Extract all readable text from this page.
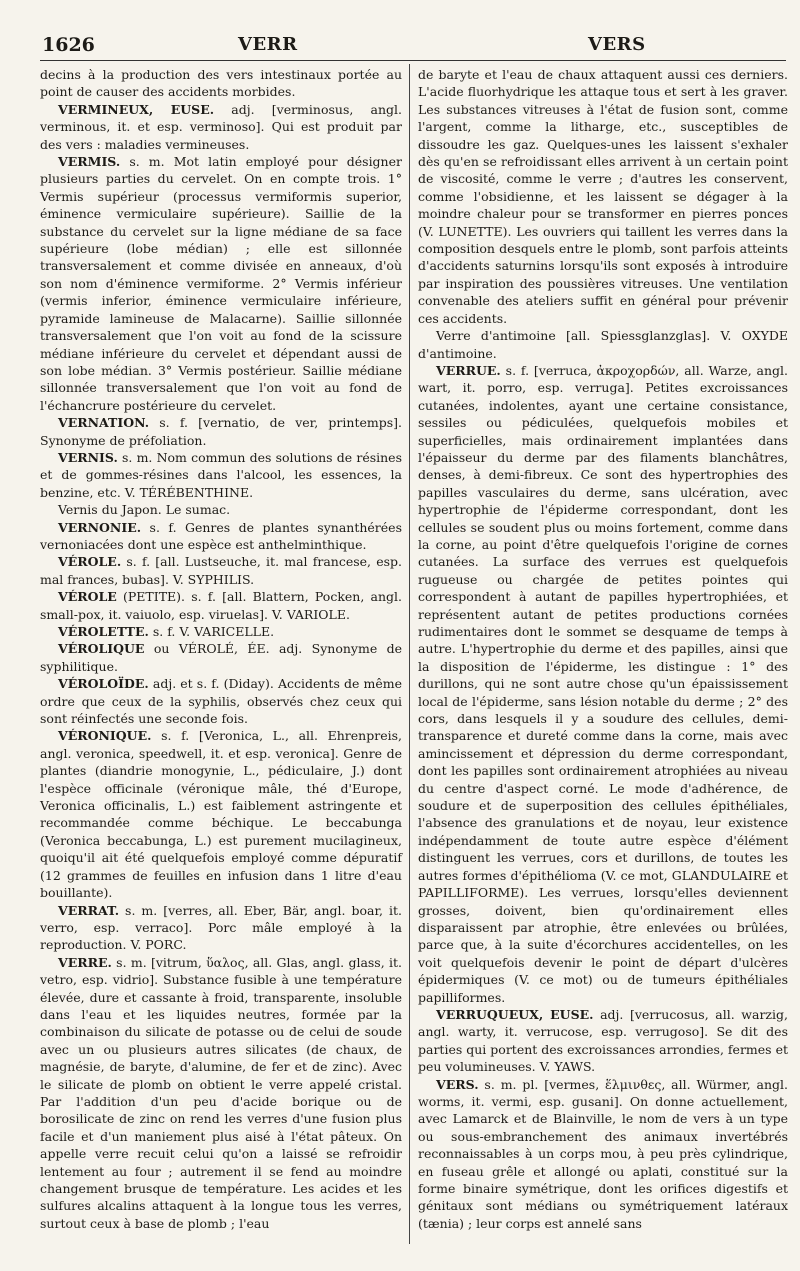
1626	VERR	VERS

decins à la production des vers intestinaux portée au point de causer des accidents morbides.

VERMINEUX, EUSE. adj. [verminosus, angl. verminous, it. et esp. verminoso]. Qui est produit par des vers : maladies vermineuses.

VERMIS. s. m. Mot latin employé pour désigner plusieurs parties du cervelet. On en compte trois. 1° Vermis supérieur (processus vermiformis superior, éminence vermiculaire supérieure). Saillie de la substance du cervelet sur la ligne médiane de sa face supérieure (lobe médian) ; elle est sillonnée transversalement et comme divisée en anneaux, d'où son nom d'éminence vermiforme. 2° Vermis inférieur (vermis inferior, éminence vermiculaire inférieure, pyramide lamineuse de Malacarne). Saillie sillonnée transversalement que l'on voit au fond de la scissure médiane inférieure du cervelet et dépendant aussi de son lobe médian. 3° Vermis postérieur. Saillie médiane sillonnée transversalement que l'on voit au fond de l'échancrure postérieure du cervelet.

VERNATION. s. f. [vernatio, de ver, printemps]. Synonyme de préfoliation.

VERNIS. s. m. Nom commun des solutions de résines et de gommes-résines dans l'alcool, les essences, la benzine, etc. V. TÉRÉBENTHINE.

Vernis du Japon. Le sumac.

VERNONIE. s. f. Genres de plantes synanthérées vernoniacées dont une espèce est anthelminthique.

VÉROLE. s. f. [all. Lustseuche, it. mal francese, esp. mal frances, bubas]. V. SYPHILIS.

VÉROLE (PETITE). s. f. [all. Blattern, Pocken, angl. small-pox, it. vaiuolo, esp. viruelas]. V. VARIOLE.

VÉROLETTE. s. f. V. VARICELLE.

VÉROLIQUE ou VÉROLÉ, ÉE. adj. Synonyme de syphilitique.

VÉROLOÏDE. adj. et s. f. (Diday). Accidents de même ordre que ceux de la syphilis, observés chez ceux qui sont réinfectés une seconde fois.

VÉRONIQUE. s. f. [Veronica, L., all. Ehrenpreis, angl. veronica, speedwell, it. et esp. veronica]. Genre de plantes (diandrie monogynie, L., pédiculaire, J.) dont l'espèce officinale (véronique mâle, thé d'Europe, Veronica officinalis, L.) est faiblement astringente et recommandée comme béchique. Le beccabunga (Veronica beccabunga, L.) est purement mucilagineux, quoiqu'il ait été quelquefois employé comme dépuratif (12 grammes de feuilles en infusion dans 1 litre d'eau bouillante).

VERRAT. s. m. [verres, all. Eber, Bär, angl. boar, it. verro, esp. verraco]. Porc mâle employé à la reproduction. V. PORC.

VERRE. s. m. [vitrum, ὕαλος, all. Glas, angl. glass, it. vetro, esp. vidrio]. Substance fusible à une température élevée, dure et cassante à froid, transparente, insoluble dans l'eau et les liquides neutres, formée par la combinaison du silicate de potasse ou de celui de soude avec un ou plusieurs autres silicates (de chaux, de magnésie, de baryte, d'alumine, de fer et de zinc). Avec le silicate de plomb on obtient le verre appelé cristal. Par l'addition d'un peu d'acide borique ou de borosilicate de zinc on rend les verres d'une fusion plus facile et d'un maniement plus aisé à l'état pâteux. On appelle verre recuit celui qu'on a laissé se refroidir lentement au four ; autrement il se fend au moindre changement brusque de température. Les acides et les sulfures alcalins attaquent à la longue tous les verres, surtout ceux à base de plomb ; l'eau

de baryte et l'eau de chaux attaquent aussi ces derniers. L'acide fluorhydrique les attaque tous et sert à les graver. Les substances vitreuses à l'état de fusion sont, comme l'argent, comme la litharge, etc., susceptibles de dissoudre les gaz. Quelques-unes les laissent s'exhaler dès qu'en se refroidissant elles arrivent à un certain point de viscosité, comme le verre ; d'autres les conservent, comme l'obsidienne, et les laissent se dégager à la moindre chaleur pour se transformer en pierres ponces (V. LUNETTE). Les ouvriers qui taillent les verres dans la composition desquels entre le plomb, sont parfois atteints d'accidents saturnins lorsqu'ils sont exposés à introduire par inspiration des poussières vitreuses. Une ventilation convenable des ateliers suffit en général pour prévenir ces accidents.

Verre d'antimoine [all. Spiessglanzglas]. V. OXYDE d'antimoine.

VERRUE. s. f. [verruca, ἀκροχορδών, all. Warze, angl. wart, it. porro, esp. verruga]. Petites excroissances cutanées, indolentes, ayant une certaine consistance, sessiles ou pédiculées, quelquefois mobiles et superficielles, mais ordinairement implantées dans l'épaisseur du derme par des filaments blanchâtres, denses, à demi-fibreux. Ce sont des hypertrophies des papilles vasculaires du derme, sans ulcération, avec hypertrophie de l'épiderme correspondant, dont les cellules se soudent plus ou moins fortement, comme dans la corne, au point d'être quelquefois l'origine de cornes cutanées. La surface des verrues est quelquefois rugueuse ou chargée de petites pointes qui correspondent à autant de papilles hypertrophiées, et représentent autant de petites productions cornées rudimentaires dont le sommet se desquame de temps à autre. L'hypertrophie du derme et des papilles, ainsi que la disposition de l'épiderme, les distingue : 1° des durillons, qui ne sont autre chose qu'un épaississement local de l'épiderme, sans lésion notable du derme ; 2° des cors, dans lesquels il y a soudure des cellules, demi-transparence et dureté comme dans la corne, mais avec amincissement et dépression du derme correspondant, dont les papilles sont ordinairement atrophiées au niveau du centre d'aspect corné. Le mode d'adhérence, de soudure et de superposition des cellules épithéliales, l'absence des granulations et de noyau, leur existence indépendamment de toute autre espèce d'élément distinguent les verrues, cors et durillons, de toutes les autres formes d'épithélioma (V. ce mot, GLANDULAIRE et PAPILLIFORME). Les verrues, lorsqu'elles deviennent grosses, doivent, bien qu'ordinairement elles disparaissent par atrophie, être enlevées ou brûlées, parce que, à la suite d'écorchures accidentelles, on les voit quelquefois devenir le point de départ d'ulcères épidermiques (V. ce mot) ou de tumeurs épithéliales papilliformes.

VERRUQUEUX, EUSE. adj. [verrucosus, all. warzig, angl. warty, it. verrucose, esp. verrugoso]. Se dit des parties qui portent des excroissances arrondies, fermes et peu volumineuses. V. YAWS.

VERS. s. m. pl. [vermes, ἕλμινθες, all. Würmer, angl. worms, it. vermi, esp. gusani]. On donne actuellement, avec Lamarck et de Blainville, le nom de vers à un type ou sous-embranchement des animaux invertébrés reconnaissables à un corps mou, à peu près cylindrique, en fuseau grêle et allongé ou aplati, constitué sur la forme binaire symétrique, dont les orifices digestifs et génitaux sont médians ou symétriquement latéraux (tænia) ; leur corps est annelé sans
